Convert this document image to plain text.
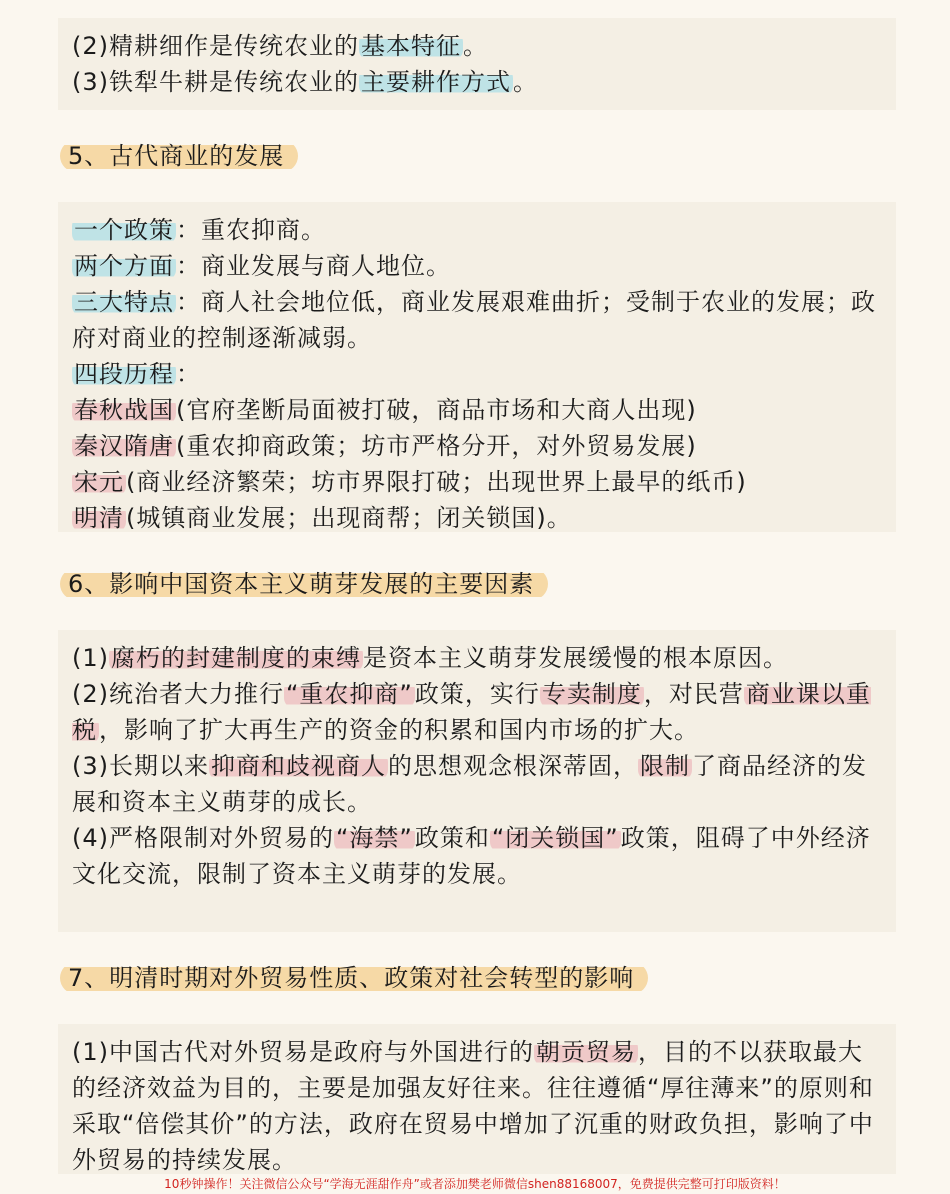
(2)精耕细作是传统农业的基本特征。

(3)铁犁牛耕是传统农业的主要耕作方式。

5、古代商业的发展

一个政策：重农抑商。

两个方面：商业发展与商人地位。

三大特点：商人社会地位低，商业发展艰难曲折；受制于农业的发展；政府对商业的控制逐渐减弱。

四段历程：

春秋战国(官府垄断局面被打破，商品市场和大商人出现)

秦汉隋唐(重农抑商政策；坊市严格分开，对外贸易发展)

宋元(商业经济繁荣；坊市界限打破；出现世界上最早的纸币)

明清(城镇商业发展；出现商帮；闭关锁国)。

6、影响中国资本主义萌芽发展的主要因素

(1)腐朽的封建制度的束缚是资本主义萌芽发展缓慢的根本原因。

(2)统治者大力推行“重农抑商”政策，实行专卖制度，对民营商业课以重税，影响了扩大再生产的资金的积累和国内市场的扩大。

(3)长期以来抑商和歧视商人的思想观念根深蒂固，限制了商品经济的发展和资本主义萌芽的成长。

(4)严格限制对外贸易的“海禁”政策和“闭关锁国”政策，阻碍了中外经济文化交流，限制了资本主义萌芽的发展。

7、明清时期对外贸易性质、政策对社会转型的影响

(1)中国古代对外贸易是政府与外国进行的朝贡贸易，目的不以获取最大的经济效益为目的，主要是加强友好往来。往往遵循“厚往薄来”的原则和采取“倍偿其价”的方法，政府在贸易中增加了沉重的财政负担，影响了中外贸易的持续发展。

10秒钟操作！关注微信公众号“学海无涯甜作舟”或者添加樊老师微信shen88168007，免费提供完整可打印版资料！
